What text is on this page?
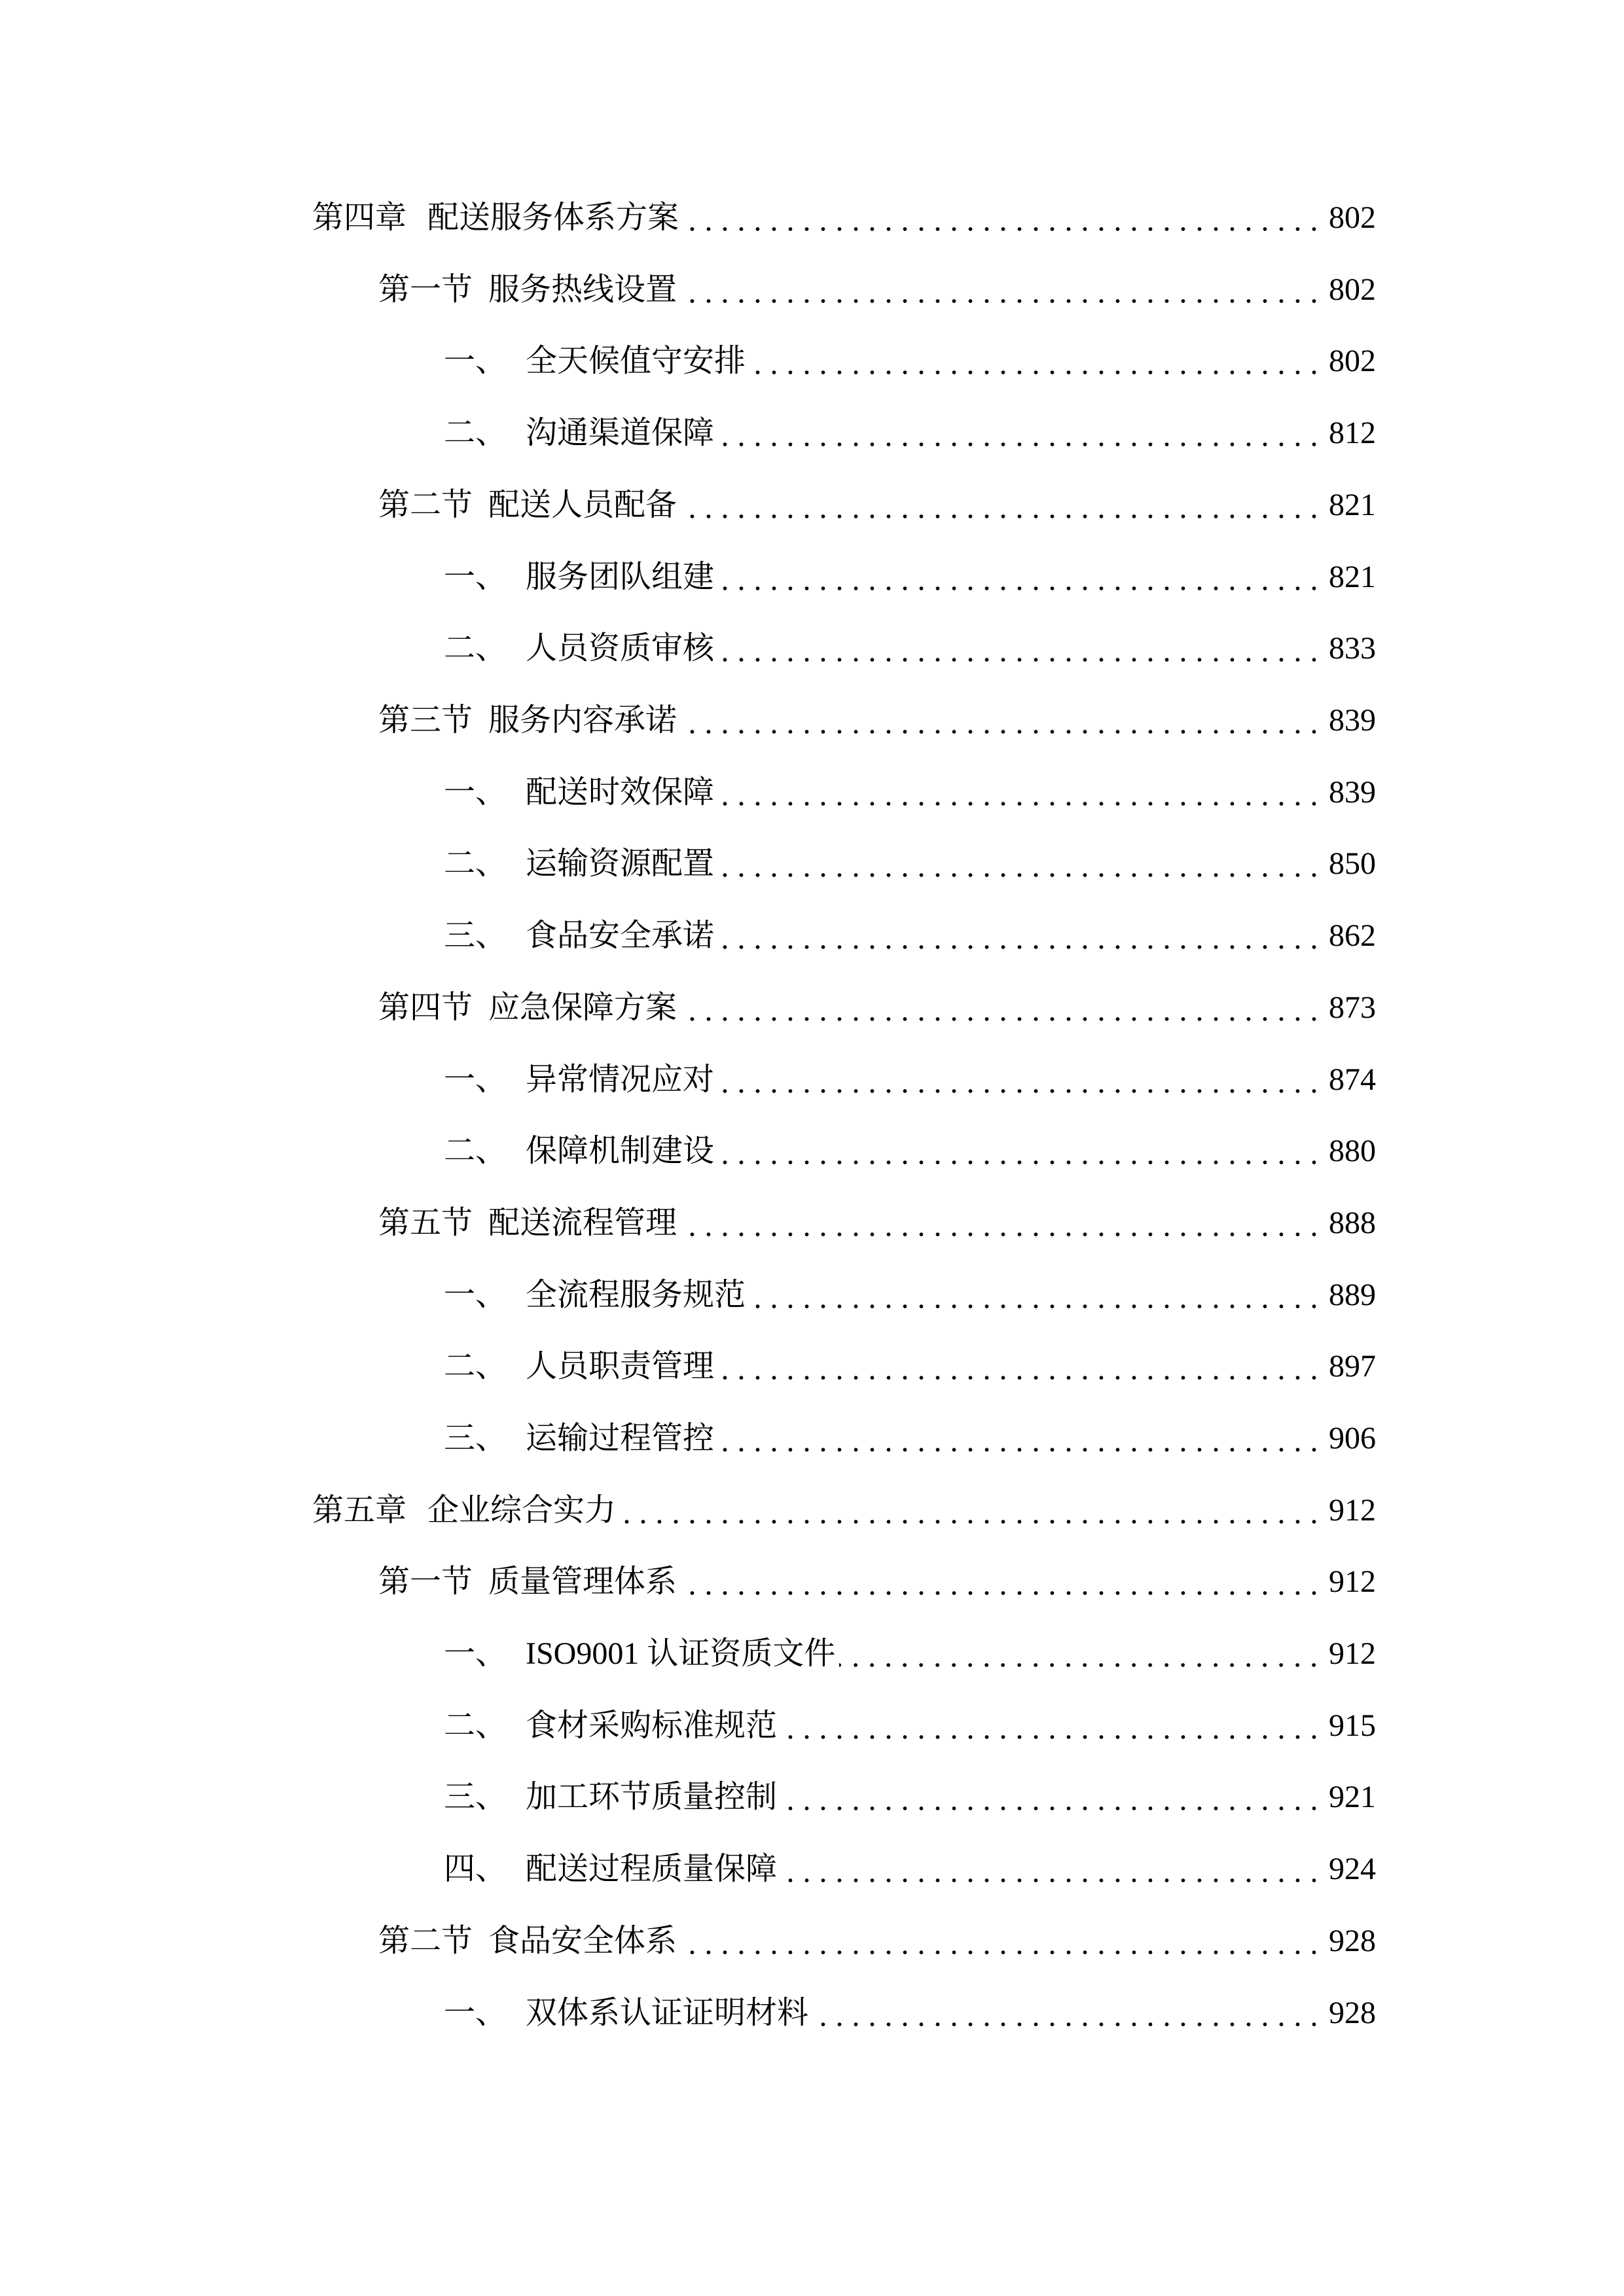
第四章 配送服务体系方案	802
第一节 服务热线设置	802
一、 全天候值守安排	802
二、 沟通渠道保障	812
第二节 配送人员配备	821
一、 服务团队组建	821
二、 人员资质审核	833
第三节 服务内容承诺	839
一、 配送时效保障	839
二、 运输资源配置	850
三、 食品安全承诺	862
第四节 应急保障方案	873
一、 异常情况应对	874
二、 保障机制建设	880
第五节 配送流程管理	888
一、 全流程服务规范	889
二、 人员职责管理	897
三、 运输过程管控	906
第五章 企业综合实力	912
第一节 质量管理体系	912
一、 ISO9001 认证资质文件	912
二、 食材采购标准规范	915
三、 加工环节质量控制	921
四、 配送过程质量保障	924
第二节 食品安全体系	928
一、 双体系认证证明材料	928
